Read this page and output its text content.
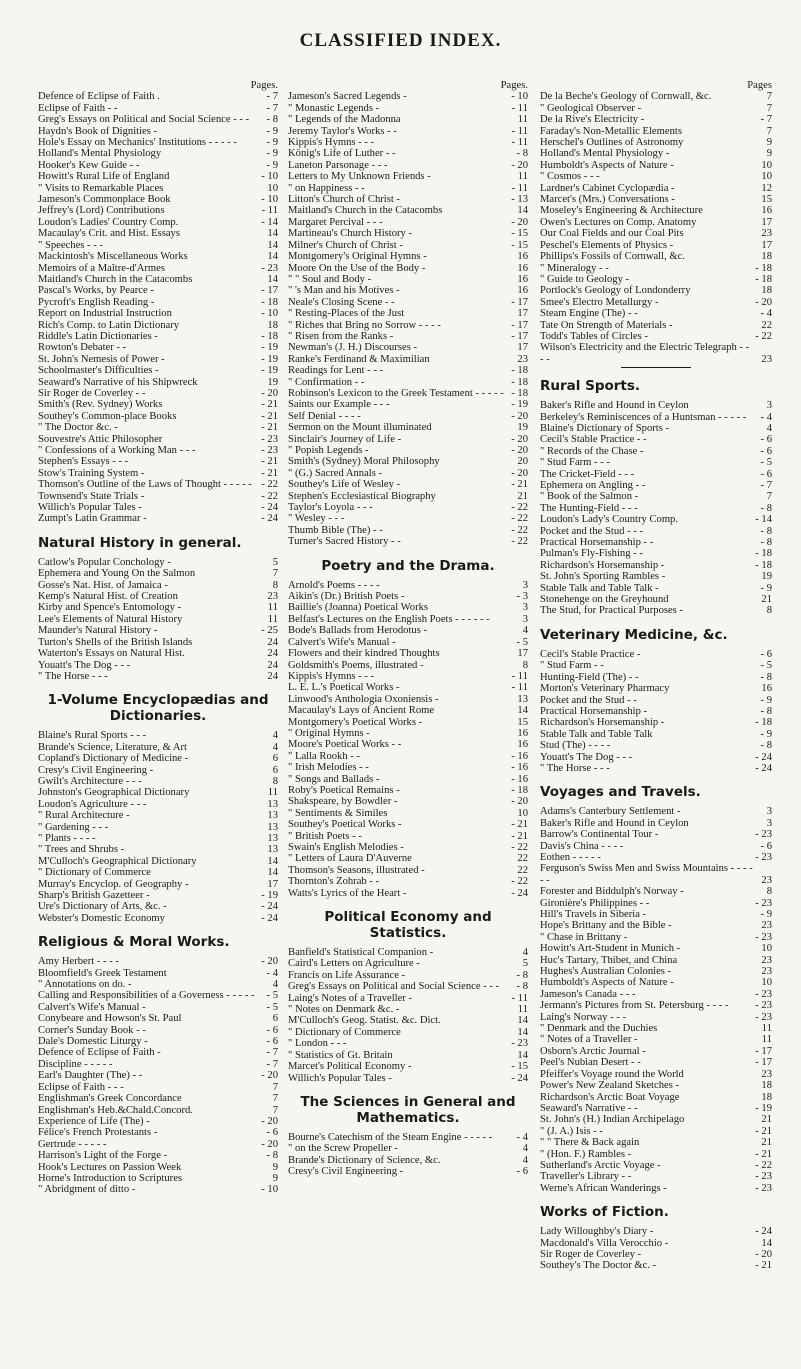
CLASSIFIED INDEX.
Pages.
Defence of Eclipse of Faith .	- 7
Eclipse of Faith - -	- 7
Greg's Essays on Political and Social Science - - -	- 8
Haydn's Book of Dignities -	- 9
Hole's Essay on Mechanics' Institutions - - - - -	- 9
Holland's Mental Physiology	- 9
Hooker's Kew Guide - -	- 9
Howitt's Rural Life of England	- 10
" Visits to Remarkable Places	10
Jameson's Commonplace Book	- 10
Jeffrey's (Lord) Contributions	- 11
Loudon's Ladies' Country Comp.	- 14
Macaulay's Crit. and Hist. Essays	14
" Speeches - - -	14
Mackintosh's Miscellaneous Works	14
Memoirs of a Maître-d'Armes	- 23
Maitland's Church in the Catacombs	14
Pascal's Works, by Pearce -	- 17
Pycroft's English Reading -	- 18
Report on Industrial Instruction	- 10
Rich's Comp. to Latin Dictionary	18
Riddle's Latin Dictionaries -	- 18
Rowton's Debater - -	- 19
St. John's Nemesis of Power -	- 19
Schoolmaster's Difficulties -	- 19
Seaward's Narrative of his Shipwreck	19
Sir Roger de Coverley - -	- 20
Smith's (Rev. Sydney) Works	- 21
Southey's Common-place Books	- 21
" The Doctor &c. -	- 21
Souvestre's Attic Philosopher	- 23
" Confessions of a Working Man - - -	- 23
Stephen's Essays - - -	- 21
Stow's Training System -	- 21
Thomson's Outline of the Laws of Thought - - - - - - 22
Townsend's State Trials -	- 22
Willich's Popular Tales -	- 24
Zumpt's Latin Grammar -	- 24
Natural History in general.
Catlow's Popular Conchology -	5
Ephemera and Young On the Salmon	7
Gosse's Nat. Hist. of Jamaica -	8
Kemp's Natural Hist. of Creation	23
Kirby and Spence's Entomology -	11
Lee's Elements of Natural History	11
Maunder's Natural History -	- 25
Turton's Shells of the British Islands	24
Waterton's Essays on Natural Hist.	24
Youatt's The Dog - - -	24
" The Horse - - -	24
1-Volume Encyclopædias and Dictionaries.
Blaine's Rural Sports - - -	4
Brande's Science, Literature, & Art	4
Copland's Dictionary of Medicine -	6
Cresy's Civil Engineering -	6
Gwilt's Architecture - - -	8
Johnston's Geographical Dictionary	11
Loudon's Agriculture - - -	13
" Rural Architecture -	13
" Gardening - - -	13
" Plants - - - -	13
" Trees and Shrubs -	13
M'Culloch's Geographical Dictionary	14
" Dictionary of Commerce	14
Murray's Encyclop. of Geography -	17
Sharp's British Gazetteer -	- 19
Ure's Dictionary of Arts, &c. -	- 24
Webster's Domestic Economy	- 24
Religious & Moral Works.
Amy Herbert - - - -	- 20
Bloomfield's Greek Testament	- 4
" Annotations on do. -	4
Calling and Responsibilities of a Governess - - - - -	- 5
Calvert's Wife's Manual -	- 5
Conybeare and Howson's St. Paul	6
Corner's Sunday Book - -	- 6
Dale's Domestic Liturgy -	- 6
Defence of Eclipse of Faith -	- 7
Discipline - - - - -	- 7
Earl's Daughter (The) - -	- 20
Eclipse of Faith - - -	7
Englishman's Greek Concordance	7
Englishman's Heb.&Chald.Concord.	7
Experience of Life (The) -	- 20
Félice's French Protestants -	- 6
Gertrude - - - - -	- 20
Harrison's Light of the Forge -	- 8
Hook's Lectures on Passion Week	9
Horne's Introduction to Scriptures	9
" Abridgment of ditto -	- 10
Pages.
Jameson's Sacred Legends -	- 10
" Monastic Legends -	- 11
" Legends of the Madonna	11
Jeremy Taylor's Works - -	- 11
Kippis's Hymns - - -	- 11
König's Life of Luther - -	- 8
Laneton Parsonage - - -	- 20
Letters to My Unknown Friends -	11
" on Happiness - -	- 11
Litton's Church of Christ -	- 13
Maitland's Church in the Catacombs	14
Margaret Percival - - -	- 20
Martineau's Church History -	- 15
Milner's Church of Christ -	- 15
Montgomery's Original Hymns -	16
Moore On the Use of the Body -	16
" " Soul and Body -	16
" 's Man and his Motives -	16
Neale's Closing Scene - -	- 17
" Resting-Places of the Just	17
" Riches that Bring no Sorrow - - - -	- 17
" Risen from the Ranks -	- 17
Newman's (J. H.) Discourses -	17
Ranke's Ferdinand & Maximilian	23
Readings for Lent - - -	- 18
" Confirmation - -	- 18
Robinson's Lexicon to the Greek Testament - - - - - - 18
Saints our Example - - -	- 19
Self Denial - - - -	- 20
Sermon on the Mount illuminated	19
Sinclair's Journey of Life -	- 20
" Popish Legends -	- 20
Smith's (Sydney) Moral Philosophy	20
" (G.) Sacred Annals -	- 20
Southey's Life of Wesley -	- 21
Stephen's Ecclesiastical Biography	21
Taylor's Loyola - - -	- 22
" Wesley - - -	- 22
Thumb Bible (The) - -	- 22
Turner's Sacred History - -	- 22
Poetry and the Drama.
Arnold's Poems - - - -	3
Aikin's (Dr.) British Poets -	- 3
Baillie's (Joanna) Poetical Works	3
Belfast's Lectures on the English Poets - - - - - -	3
Bode's Ballads from Herodotus -	4
Calvert's Wife's Manual -	- 5
Flowers and their kindred Thoughts	17
Goldsmith's Poems, illustrated -	8
Kippis's Hymns - - -	- 11
L. E. L.'s Poetical Works -	- 11
Linwood's Anthologia Oxoniensis -	13
Macaulay's Lays of Ancient Rome	14
Montgomery's Poetical Works -	15
" Original Hymns -	16
Moore's Poetical Works - -	16
" Lalla Rookh - -	- 16
" Irish Melodies - -	- 16
" Songs and Ballads -	- 16
Roby's Poetical Remains -	- 18
Shakspeare, by Bowdler -	- 20
" Sentiments & Similes	10
Southey's Poetical Works -	- 21
" British Poets - -	- 21
Swain's English Melodies -	- 22
" Letters of Laura D'Auverne	22
Thomson's Seasons, illustrated -	22
Thornton's Zohrab - -	- 22
Watts's Lyrics of the Heart -	- 24
Political Economy and Statistics.
Banfield's Statistical Companion -	4
Caird's Letters on Agriculture -	5
Francis on Life Assurance -	- 8
Greg's Essays on Political and Social Science - - -	- 8
Laing's Notes of a Traveller -	- 11
" Notes on Denmark &c. -	11
M'Culloch's Geog. Statist. &c. Dict.	14
" Dictionary of Commerce	14
" London - - -	- 23
" Statistics of Gt. Britain	14
Marcet's Political Economy -	- 15
Willich's Popular Tales -	- 24
The Sciences in General and Mathematics.
Bourne's Catechism of the Steam Engine - - - - -	- 4
" on the Screw Propeller -	4
Brande's Dictionary of Science, &c.	4
Cresy's Civil Engineering -	- 6
Pages
De la Beche's Geology of Cornwall, &c.	7
" Geological Observer -	7
De la Rive's Electricity -	- 7
Faraday's Non-Metallic Elements	7
Herschel's Outlines of Astronomy	9
Holland's Mental Physiology -	9
Humboldt's Aspects of Nature -	10
" Cosmos - - -	10
Lardner's Cabinet Cyclopædia -	12
Marcet's (Mrs.) Conversations -	15
Moseley's Engineering & Architecture	16
Owen's Lectures on Comp. Anatomy	17
Our Coal Fields and our Coal Pits	23
Peschel's Elements of Physics -	17
Phillips's Fossils of Cornwall, &c.	18
" Mineralogy - -	- 18
" Guide to Geology -	- 18
Portlock's Geology of Londonderry	18
Smee's Electro Metallurgy -	- 20
Steam Engine (The) - -	- 4
Tate On Strength of Materials -	22
Todd's Tables of Circles -	- 22
Wilson's Electricity and the Electric Telegraph - - - -	23
Rural Sports.
Baker's Rifle and Hound in Ceylon	3
Berkeley's Reminiscences of a Huntsman - - - - -	- 4
Blaine's Dictionary of Sports -	4
Cecil's Stable Practice - -	- 6
" Records of the Chase -	- 6
" Stud Farm - - -	- 5
The Cricket-Field - - -	- 6
Ephemera on Angling - -	- 7
" Book of the Salmon -	7
The Hunting-Field - - -	- 8
Loudon's Lady's Country Comp.	- 14
Pocket and the Stud - - -	- 8
Practical Horsemanship - -	- 8
Pulman's Fly-Fishing - -	- 18
Richardson's Horsemanship -	- 18
St. John's Sporting Rambles -	19
Stable Talk and Table Talk -	- 9
Stonehenge on the Greyhound	21
The Stud, for Practical Purposes -	8
Veterinary Medicine, &c.
Cecil's Stable Practice -	- 6
" Stud Farm - -	- 5
Hunting-Field (The) - -	- 8
Morton's Veterinary Pharmacy	16
Pocket and the Stud - -	- 9
Practical Horsemanship -	- 8
Richardson's Horsemanship -	- 18
Stable Talk and Table Talk	- 9
Stud (The) - - - -	- 8
Youatt's The Dog - - -	- 24
" The Horse - - -	- 24
Voyages and Travels.
Adams's Canterbury Settlement -	3
Baker's Rifle and Hound in Ceylon	3
Barrow's Continental Tour -	- 23
Davis's China - - - -	- 6
Eothen - - - - -	- 23
Ferguson's Swiss Men and Swiss Mountains - - - - - -	23
Forester and Biddulph's Norway -	8
Gironière's Philippines - -	- 23
Hill's Travels in Siberia -	- 9
Hope's Brittany and the Bible -	23
" Chase in Brittany -	- 23
Howitt's Art-Student in Munich -	10
Huc's Tartary, Thibet, and China	23
Hughes's Australian Colonies -	23
Humboldt's Aspects of Nature -	10
Jameson's Canada - - -	- 23
Jermann's Pictures from St. Petersburg - - - -	- 23
Laing's Norway - - -	- 23
" Denmark and the Duchies	11
" Notes of a Traveller -	11
Osborn's Arctic Journal -	- 17
Peel's Nubian Desert - -	- 17
Pfeiffer's Voyage round the World	23
Power's New Zealand Sketches -	18
Richardson's Arctic Boat Voyage	18
Seaward's Narrative - -	- 19
St. John's (H.) Indian Archipelago	21
" (J. A.) Isis - -	- 21
" " There & Back again	21
" (Hon. F.) Rambles -	- 21
Sutherland's Arctic Voyage -	- 22
Traveller's Library - -	- 23
Werne's African Wanderings -	- 23
Works of Fiction.
Lady Willoughby's Diary -	- 24
Macdonald's Villa Verocchio -	14
Sir Roger de Coverley -	- 20
Southey's The Doctor &c. -	- 21
